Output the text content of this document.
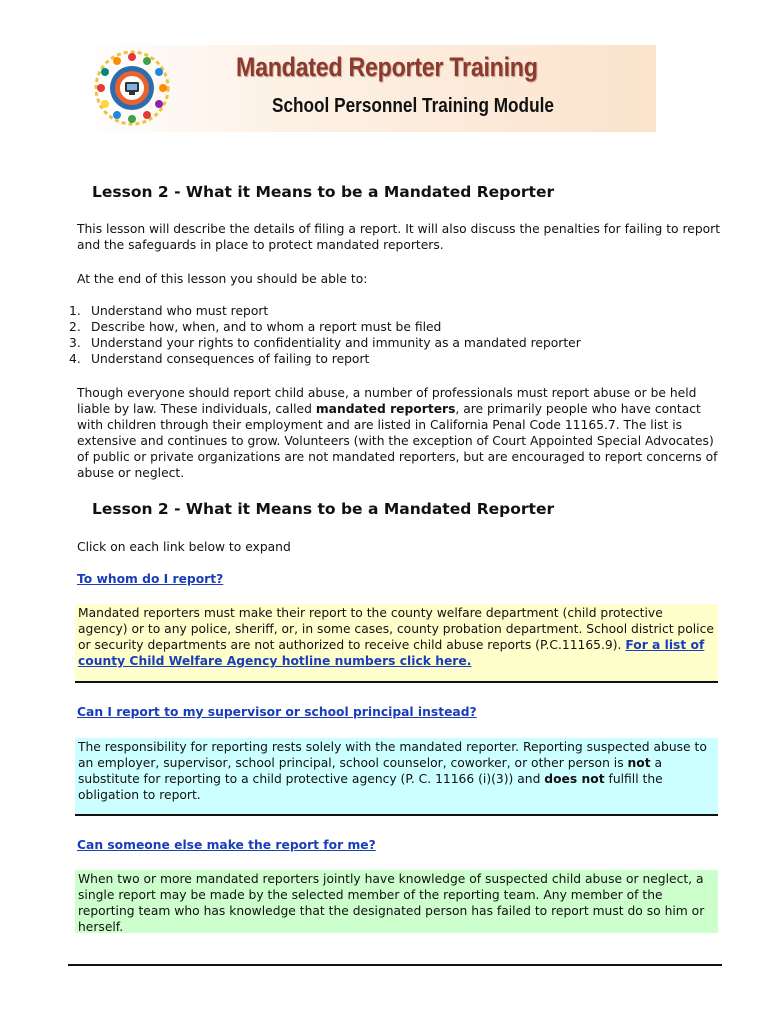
Mandated Reporter Training
School Personnel Training Module
Lesson 2 - What it Means to be a Mandated Reporter

This lesson will describe the details of filing a report. It will also discuss the penalties for failing to report and the safeguards in place to protect mandated reporters.

At the end of this lesson you should be able to:

1. Understand who must report
2. Describe how, when, and to whom a report must be filed
3. Understand your rights to confidentiality and immunity as a mandated reporter
4. Understand consequences of failing to report

Though everyone should report child abuse, a number of professionals must report abuse or be held liable by law. These individuals, called mandated reporters, are primarily people who have contact with children through their employment and are listed in California Penal Code 11165.7. The list is extensive and continues to grow. Volunteers (with the exception of Court Appointed Special Advocates) of public or private organizations are not mandated reporters, but are encouraged to report concerns of abuse or neglect.

Lesson 2 - What it Means to be a Mandated Reporter

Click on each link below to expand

To whom do I report?
Mandated reporters must make their report to the county welfare department (child protective agency) or to any police, sheriff, or, in some cases, county probation department. School district police or security departments are not authorized to receive child abuse reports (P.C.11165.9). For a list of county Child Welfare Agency hotline numbers click here.
Can I report to my supervisor or school principal instead?
The responsibility for reporting rests solely with the mandated reporter. Reporting suspected abuse to an employer, supervisor, school principal, school counselor, coworker, or other person is not a substitute for reporting to a child protective agency (P. C. 11166 (i)(3)) and does not fulfill the obligation to report.
Can someone else make the report for me?
When two or more mandated reporters jointly have knowledge of suspected child abuse or neglect, a single report may be made by the selected member of the reporting team. Any member of the reporting team who has knowledge that the designated person has failed to report must do so him or herself.
